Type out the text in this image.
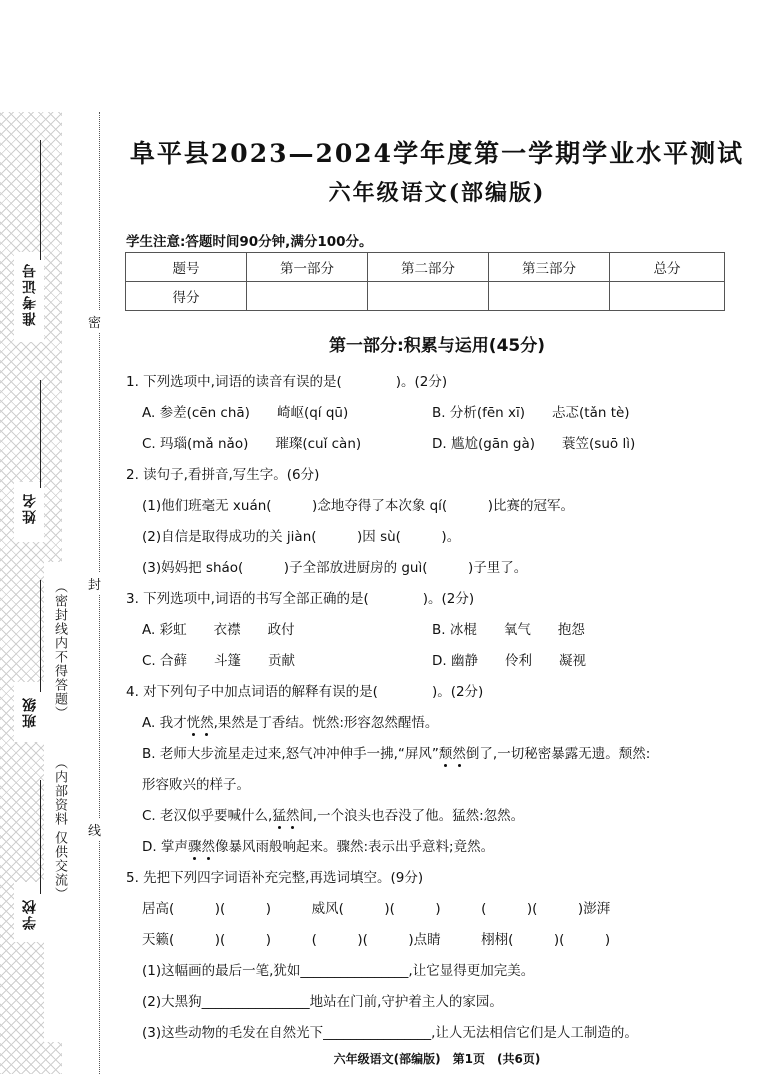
密
封
线
准考证号
姓名
班级
学校
（密封线内不得答题）
（内部资料 仅供交流）
阜平县2023—2024学年度第一学期学业水平测试
六年级语文(部编版)
学生注意:答题时间90分钟,满分100分。
题号	第一部分	第二部分	第三部分	总分
得分				
第一部分:积累与运用(45分)
1. 下列选项中,词语的读音有误的是(　　　　)。(2分)
A. 参差(cēn chā)　　崎岖(qí qū)	B. 分析(fēn xī)　　忐忑(tǎn tè)
C. 玛瑙(mǎ nǎo)　　璀璨(cuǐ càn)	D. 尴尬(gān gà)　　蓑笠(suō lì)
2. 读句子,看拼音,写生字。(6分)
(1)他们班毫无 xuán(　　　)念地夺得了本次象 qí(　　　)比赛的冠军。
(2)自信是取得成功的关 jiàn(　　　)因 sù(　　　)。
(3)妈妈把 sháo(　　　)子全部放进厨房的 guì(　　　)子里了。
3. 下列选项中,词语的书写全部正确的是(　　　　)。(2分)
A. 彩虹　　衣襟　　政付	B. 冰棍　　氧气　　抱怨
C. 合藓　　斗篷　　贡献	D. 幽静　　伶利　　凝视
4. 对下列句子中加点词语的解释有误的是(　　　　)。(2分)
A. 我才恍然,果然是丁香结。恍然:形容忽然醒悟。
B. 老师大步流星走过来,怒气冲冲伸手一拂,“屏风”颓然倒了,一切秘密暴露无遗。颓然:
形容败兴的样子。
C. 老汉似乎要喊什么,猛然间,一个浪头也吞没了他。猛然:忽然。
D. 掌声骤然像暴风雨般响起来。骤然:表示出乎意料;竟然。
5. 先把下列四字词语补充完整,再选词填空。(9分)
居高(　　　)(　　　)　　　威风(　　　)(　　　)　　　(　　　)(　　　)澎湃
天籁(　　　)(　　　)　　　(　　　)(　　　)点睛　　　栩栩(　　　)(　　　)
(1)这幅画的最后一笔,犹如________________,让它显得更加完美。
(2)大黑狗________________地站在门前,守护着主人的家园。
(3)这些动物的毛发在自然光下________________,让人无法相信它们是人工制造的。
六年级语文(部编版)　第1页　(共6页)
